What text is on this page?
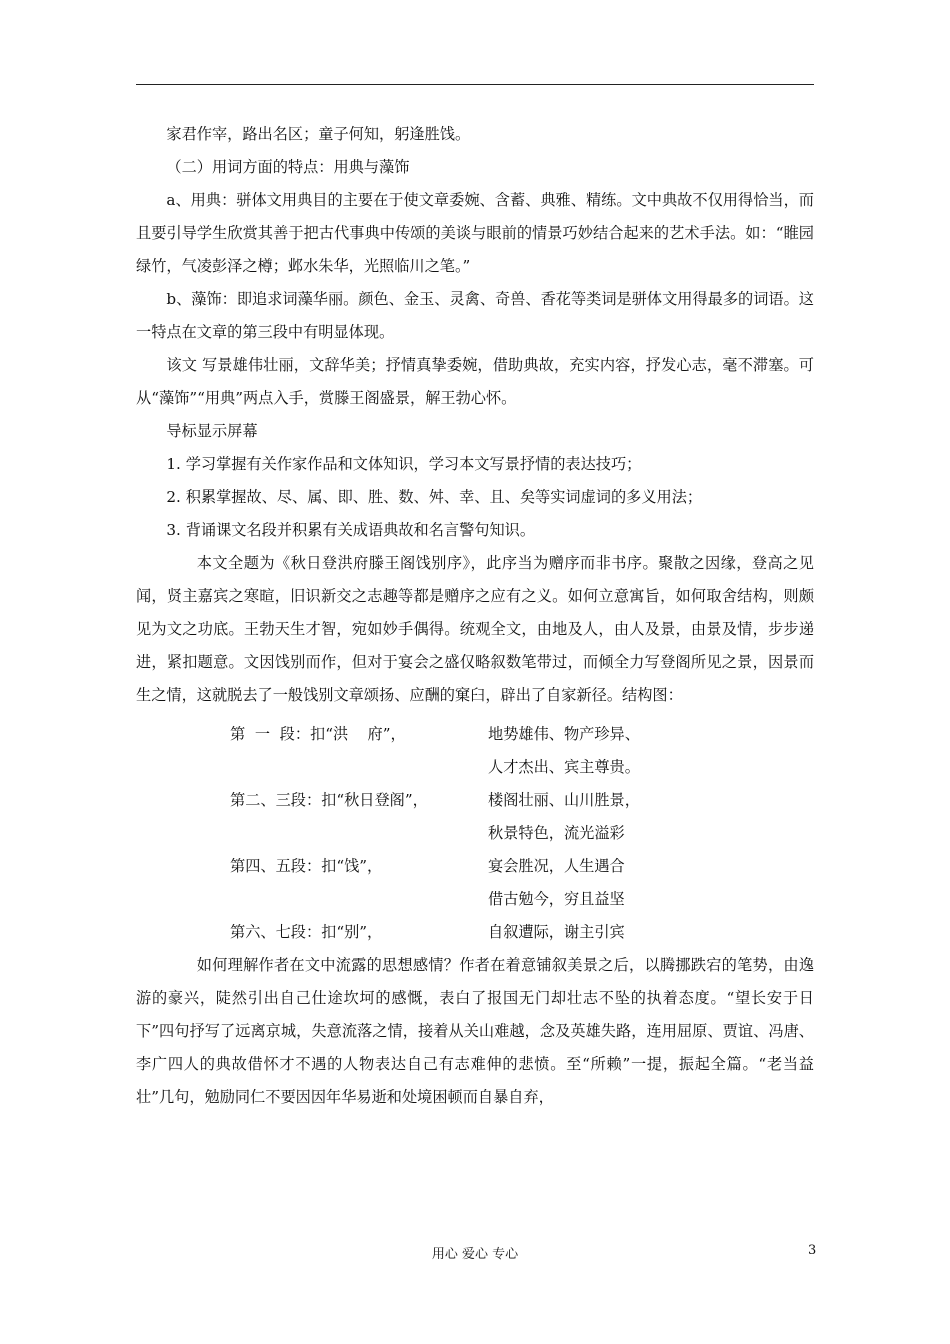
家君作宰，路出名区；童子何知，躬逢胜饯。

（二）用词方面的特点：用典与藻饰

a、用典：骈体文用典目的主要在于使文章委婉、含蓄、典雅、精练。文中典故不仅用得恰当，而且要引导学生欣赏其善于把古代事典中传颂的美谈与眼前的情景巧妙结合起来的艺术手法。如：“睢园绿竹，气凌彭泽之樽；邺水朱华，光照临川之笔。”

b、藻饰：即追求词藻华丽。颜色、金玉、灵禽、奇兽、香花等类词是骈体文用得最多的词语。这一特点在文章的第三段中有明显体现。

该文 写景雄伟壮丽，文辞华美；抒情真挚委婉，借助典故，充实内容，抒发心志，毫不滞塞。可从“藻饰”“用典”两点入手，赏滕王阁盛景，解王勃心怀。

导标显示屏幕

1. 学习掌握有关作家作品和文体知识，学习本文写景抒情的表达技巧；

2. 积累掌握故、尽、属、即、胜、数、舛、幸、且、矣等实词虚词的多义用法；

3. 背诵课文名段并积累有关成语典故和名言警句知识。

本文全题为《秋日登洪府滕王阁饯别序》，此序当为赠序而非书序。聚散之因缘，登高之见闻，贤主嘉宾之寒暄，旧识新交之志趣等都是赠序之应有之义。如何立意寓旨，如何取舍结构，则颇见为文之功底。王勃天生才智，宛如妙手偶得。统观全文，由地及人，由人及景，由景及情，步步递进，紧扣题意。文因饯别而作，但对于宴会之盛仅略叙数笔带过，而倾全力写登阁所见之景，因景而生之情，这就脱去了一般饯别文章颂扬、应酬的窠臼，辟出了自家新径。结构图：

第  一  段：扣“洪    府”，	地势雄伟、物产珍异、
人才杰出、宾主尊贵。
第二、三段：扣“秋日登阁”，	楼阁壮丽、山川胜景，
秋景特色，流光溢彩
第四、五段：扣“饯”，	宴会胜况，人生遇合
借古勉今，穷且益坚
第六、七段：扣“别”，	自叙遭际，谢主引宾

如何理解作者在文中流露的思想感情？作者在着意铺叙美景之后，以腾挪跌宕的笔势，由逸游的豪兴，陡然引出自己仕途坎坷的感慨，表白了报国无门却壮志不坠的执着态度。“望长安于日下”四句抒写了远离京城，失意流落之情，接着从关山难越，念及英雄失路，连用屈原、贾谊、冯唐、李广四人的典故借怀才不遇的人物表达自己有志难伸的悲愤。至“所赖”一提，振起全篇。“老当益壮”几句，勉励同仁不要因因年华易逝和处境困顿而自暴自弃，

用心 爱心 专心	3
